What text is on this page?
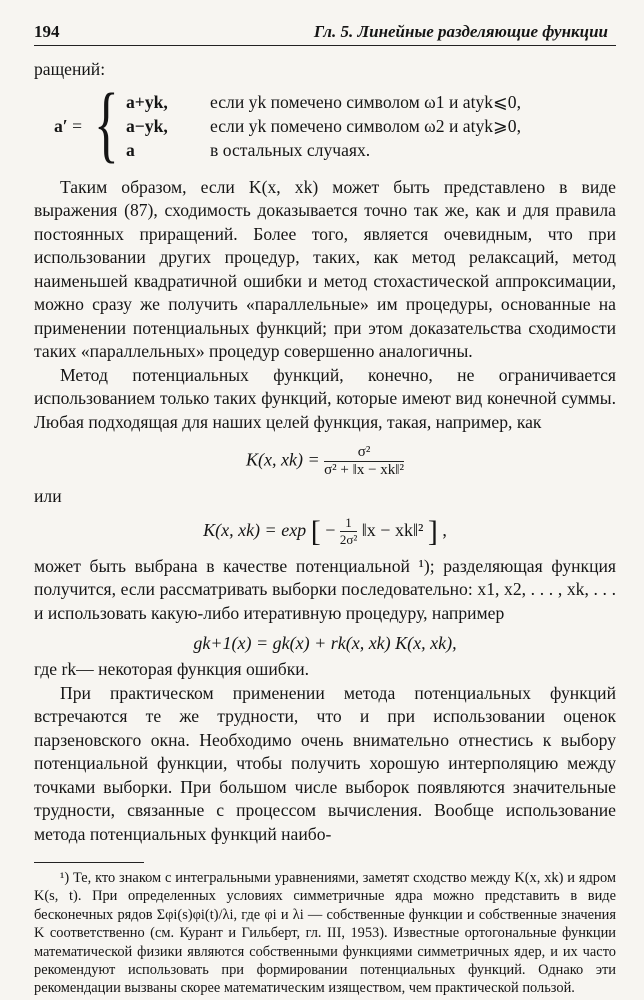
194	Гл. 5. Линейные разделяющие функции

ращений:

a′ = { a+yk, если yk помечено символом ω1 и atyk⩽0,
a−yk, если yk помечено символом ω2 и atyk⩾0,
a	в остальных случаях.

Таким образом, если K(x, xk) может быть представлено в виде выражения (87), сходимость доказывается точно так же, как и для правила постоянных приращений. Более того, является очевидным, что при использовании других процедур, таких, как метод релаксаций, метод наименьшей квадратичной ошибки и метод стохастической аппроксимации, можно сразу же получить «параллельные» им процедуры, основанные на применении потенциальных функций; при этом доказательства сходимости таких «параллельных» процедур совершенно аналогичны.

Метод потенциальных функций, конечно, не ограничивается использованием только таких функций, которые имеют вид конечной суммы. Любая подходящая для наших целей функция, такая, например, как

K(x, $xk) = \frac{\text{σ²}}{\text{σ² + ‖x − xk‖²}}$

или

K(x, xk) = exp [ − $\frac{1}{\text{2σ²}}$ ‖x − xk‖² ] ,

может быть выбрана в качестве потенциальной ¹); разделяющая функция получится, если рассматривать выборки последовательно: x1, x2, . . . , xk, . . . и использовать какую-либо итеративную процедуру, например

gk+1(x) = gk(x) + rk(x, xk) K(x, xk),

где rk— некоторая функция ошибки.

При практическом применении метода потенциальных функций встречаются те же трудности, что и при использовании оценок парзеновского окна. Необходимо очень внимательно отнестись к выбору потенциальной функции, чтобы получить хорошую интерполяцию между точками выборки. При большом числе выборок появляются значительные трудности, связанные с процессом вычисления. Вообще использование метода потенциальных функций наибо-

¹) Те, кто знаком с интегральными уравнениями, заметят сходство между K(x, xk) и ядром K(s, t). При определенных условиях симметричные ядра можно представить в виде бесконечных рядов Σφi(s)φi(t)/λi, где φi и λi — собственные функции и собственные значения K соответственно (см. Курант и Гильберт, гл. III, 1953). Известные ортогональные функции математической физики являются собственными функциями симметричных ядер, и их часто рекомендуют использовать при формировании потенциальных функций. Однако эти рекомендации вызваны скорее математическим изяществом, чем практической пользой.
